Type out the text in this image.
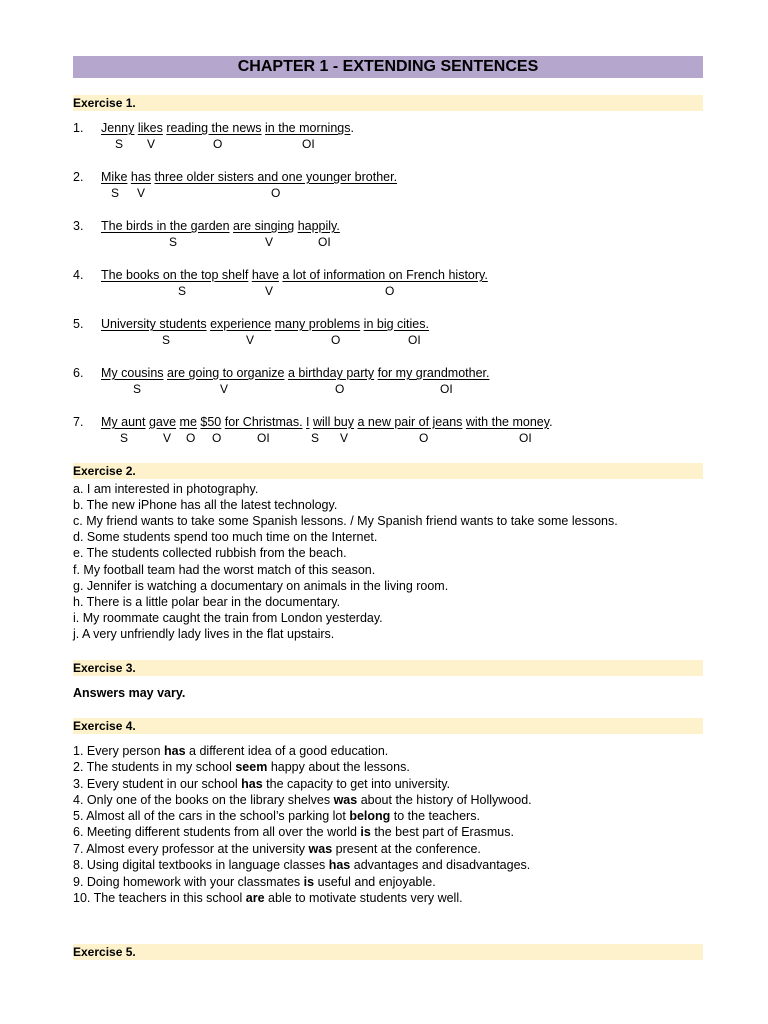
CHAPTER 1 - EXTENDING SENTENCES
Exercise 1.
1. Jenny likes reading the news in the mornings.
S V	O	OI
2. Mike has three older sisters and one younger brother.
S V	O
3. The birds in the garden are singing happily.
S	V	OI
4. The books on the top shelf have a lot of information on French history.
S	V	O
5. University students experience many problems in big cities.
S	V	O	OI
6. My cousins are going to organize a birthday party for my grandmother.
S	V	O	OI
7. My aunt gave me $50 for Christmas. I will buy a new pair of jeans with the money.
S	V O O	OI	S V	O	OI
Exercise 2.
a. I am interested in photography.
b. The new iPhone has all the latest technology.
c. My friend wants to take some Spanish lessons. / My Spanish friend wants to take some lessons.
d. Some students spend too much time on the Internet.
e. The students collected rubbish from the beach.
f. My football team had the worst match of this season.
g. Jennifer is watching a documentary on animals in the living room.
h. There is a little polar bear in the documentary.
i. My roommate caught the train from London yesterday.
j. A very unfriendly lady lives in the flat upstairs.
Exercise 3.
Answers may vary.
Exercise 4.
1. Every person has a different idea of a good education.
2. The students in my school seem happy about the lessons.
3. Every student in our school has the capacity to get into university.
4. Only one of the books on the library shelves was about the history of Hollywood.
5. Almost all of the cars in the school’s parking lot belong to the teachers.
6. Meeting different students from all over the world is the best part of Erasmus.
7. Almost every professor at the university was present at the conference.
8. Using digital textbooks in language classes has advantages and disadvantages.
9. Doing homework with your classmates is useful and enjoyable.
10. The teachers in this school are able to motivate students very well.
Exercise 5.
